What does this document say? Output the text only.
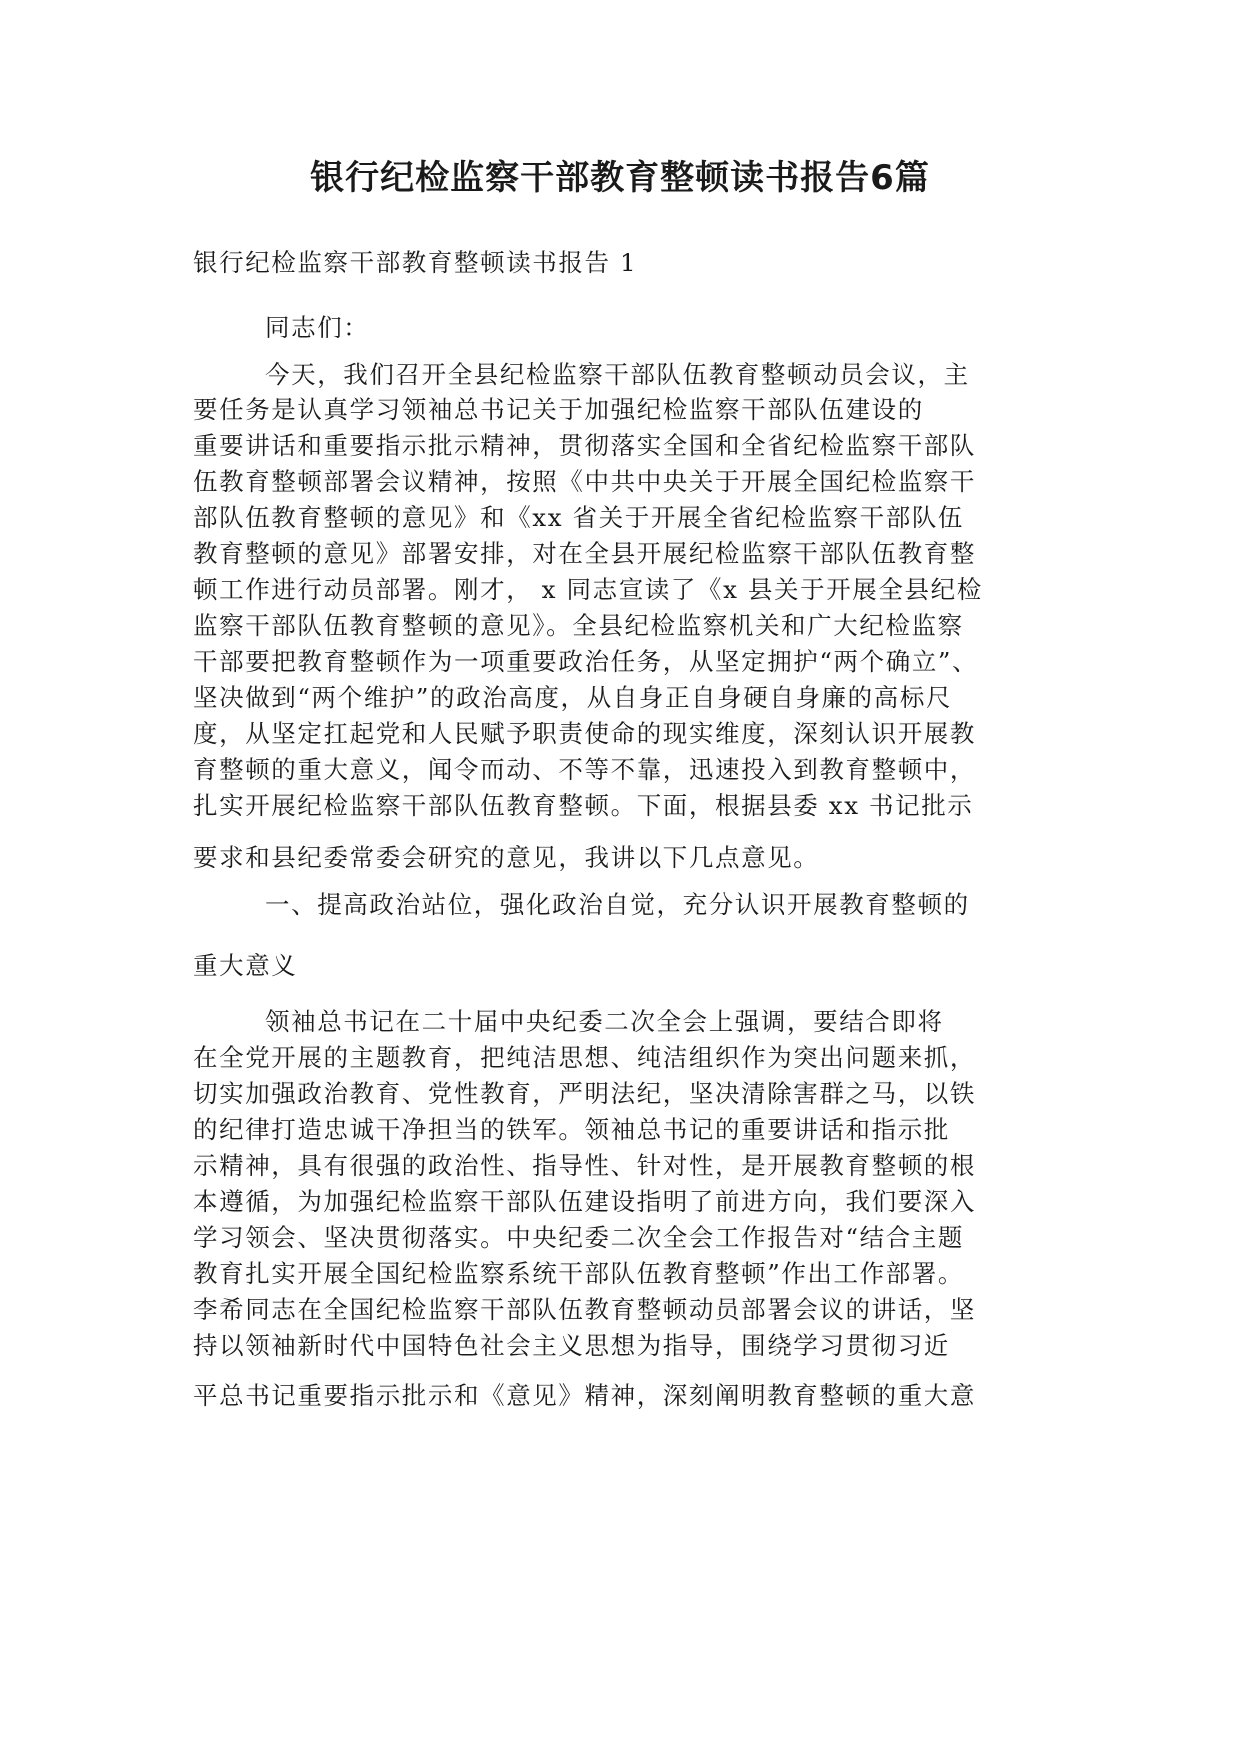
银行纪检监察干部教育整顿读书报告6篇
银行纪检监察干部教育整顿读书报告 1
同志们：
今天，我们召开全县纪检监察干部队伍教育整顿动员会议，主
要任务是认真学习领袖总书记关于加强纪检监察干部队伍建设的
重要讲话和重要指示批示精神，贯彻落实全国和全省纪检监察干部队
伍教育整顿部署会议精神，按照《中共中央关于开展全国纪检监察干
部队伍教育整顿的意见》和《xx 省关于开展全省纪检监察干部队伍
教育整顿的意见》部署安排，对在全县开展纪检监察干部队伍教育整
顿工作进行动员部署。刚才， x 同志宣读了《x 县关于开展全县纪检
监察干部队伍教育整顿的意见》。全县纪检监察机关和广大纪检监察
干部要把教育整顿作为一项重要政治任务，从坚定拥护“两个确立”、
坚决做到“两个维护”的政治高度，从自身正自身硬自身廉的高标尺
度，从坚定扛起党和人民赋予职责使命的现实维度，深刻认识开展教
育整顿的重大意义，闻令而动、不等不靠，迅速投入到教育整顿中，
扎实开展纪检监察干部队伍教育整顿。下面，根据县委 xx 书记批示
要求和县纪委常委会研究的意见，我讲以下几点意见。
一、提高政治站位，强化政治自觉，充分认识开展教育整顿的
重大意义
领袖总书记在二十届中央纪委二次全会上强调，要结合即将
在全党开展的主题教育，把纯洁思想、纯洁组织作为突出问题来抓，
切实加强政治教育、党性教育，严明法纪，坚决清除害群之马，以铁
的纪律打造忠诚干净担当的铁军。领袖总书记的重要讲话和指示批
示精神，具有很强的政治性、指导性、针对性，是开展教育整顿的根
本遵循，为加强纪检监察干部队伍建设指明了前进方向，我们要深入
学习领会、坚决贯彻落实。中央纪委二次全会工作报告对“结合主题
教育扎实开展全国纪检监察系统干部队伍教育整顿”作出工作部署。
李希同志在全国纪检监察干部队伍教育整顿动员部署会议的讲话，坚
持以领袖新时代中国特色社会主义思想为指导，围绕学习贯彻习近
平总书记重要指示批示和《意见》精神，深刻阐明教育整顿的重大意
